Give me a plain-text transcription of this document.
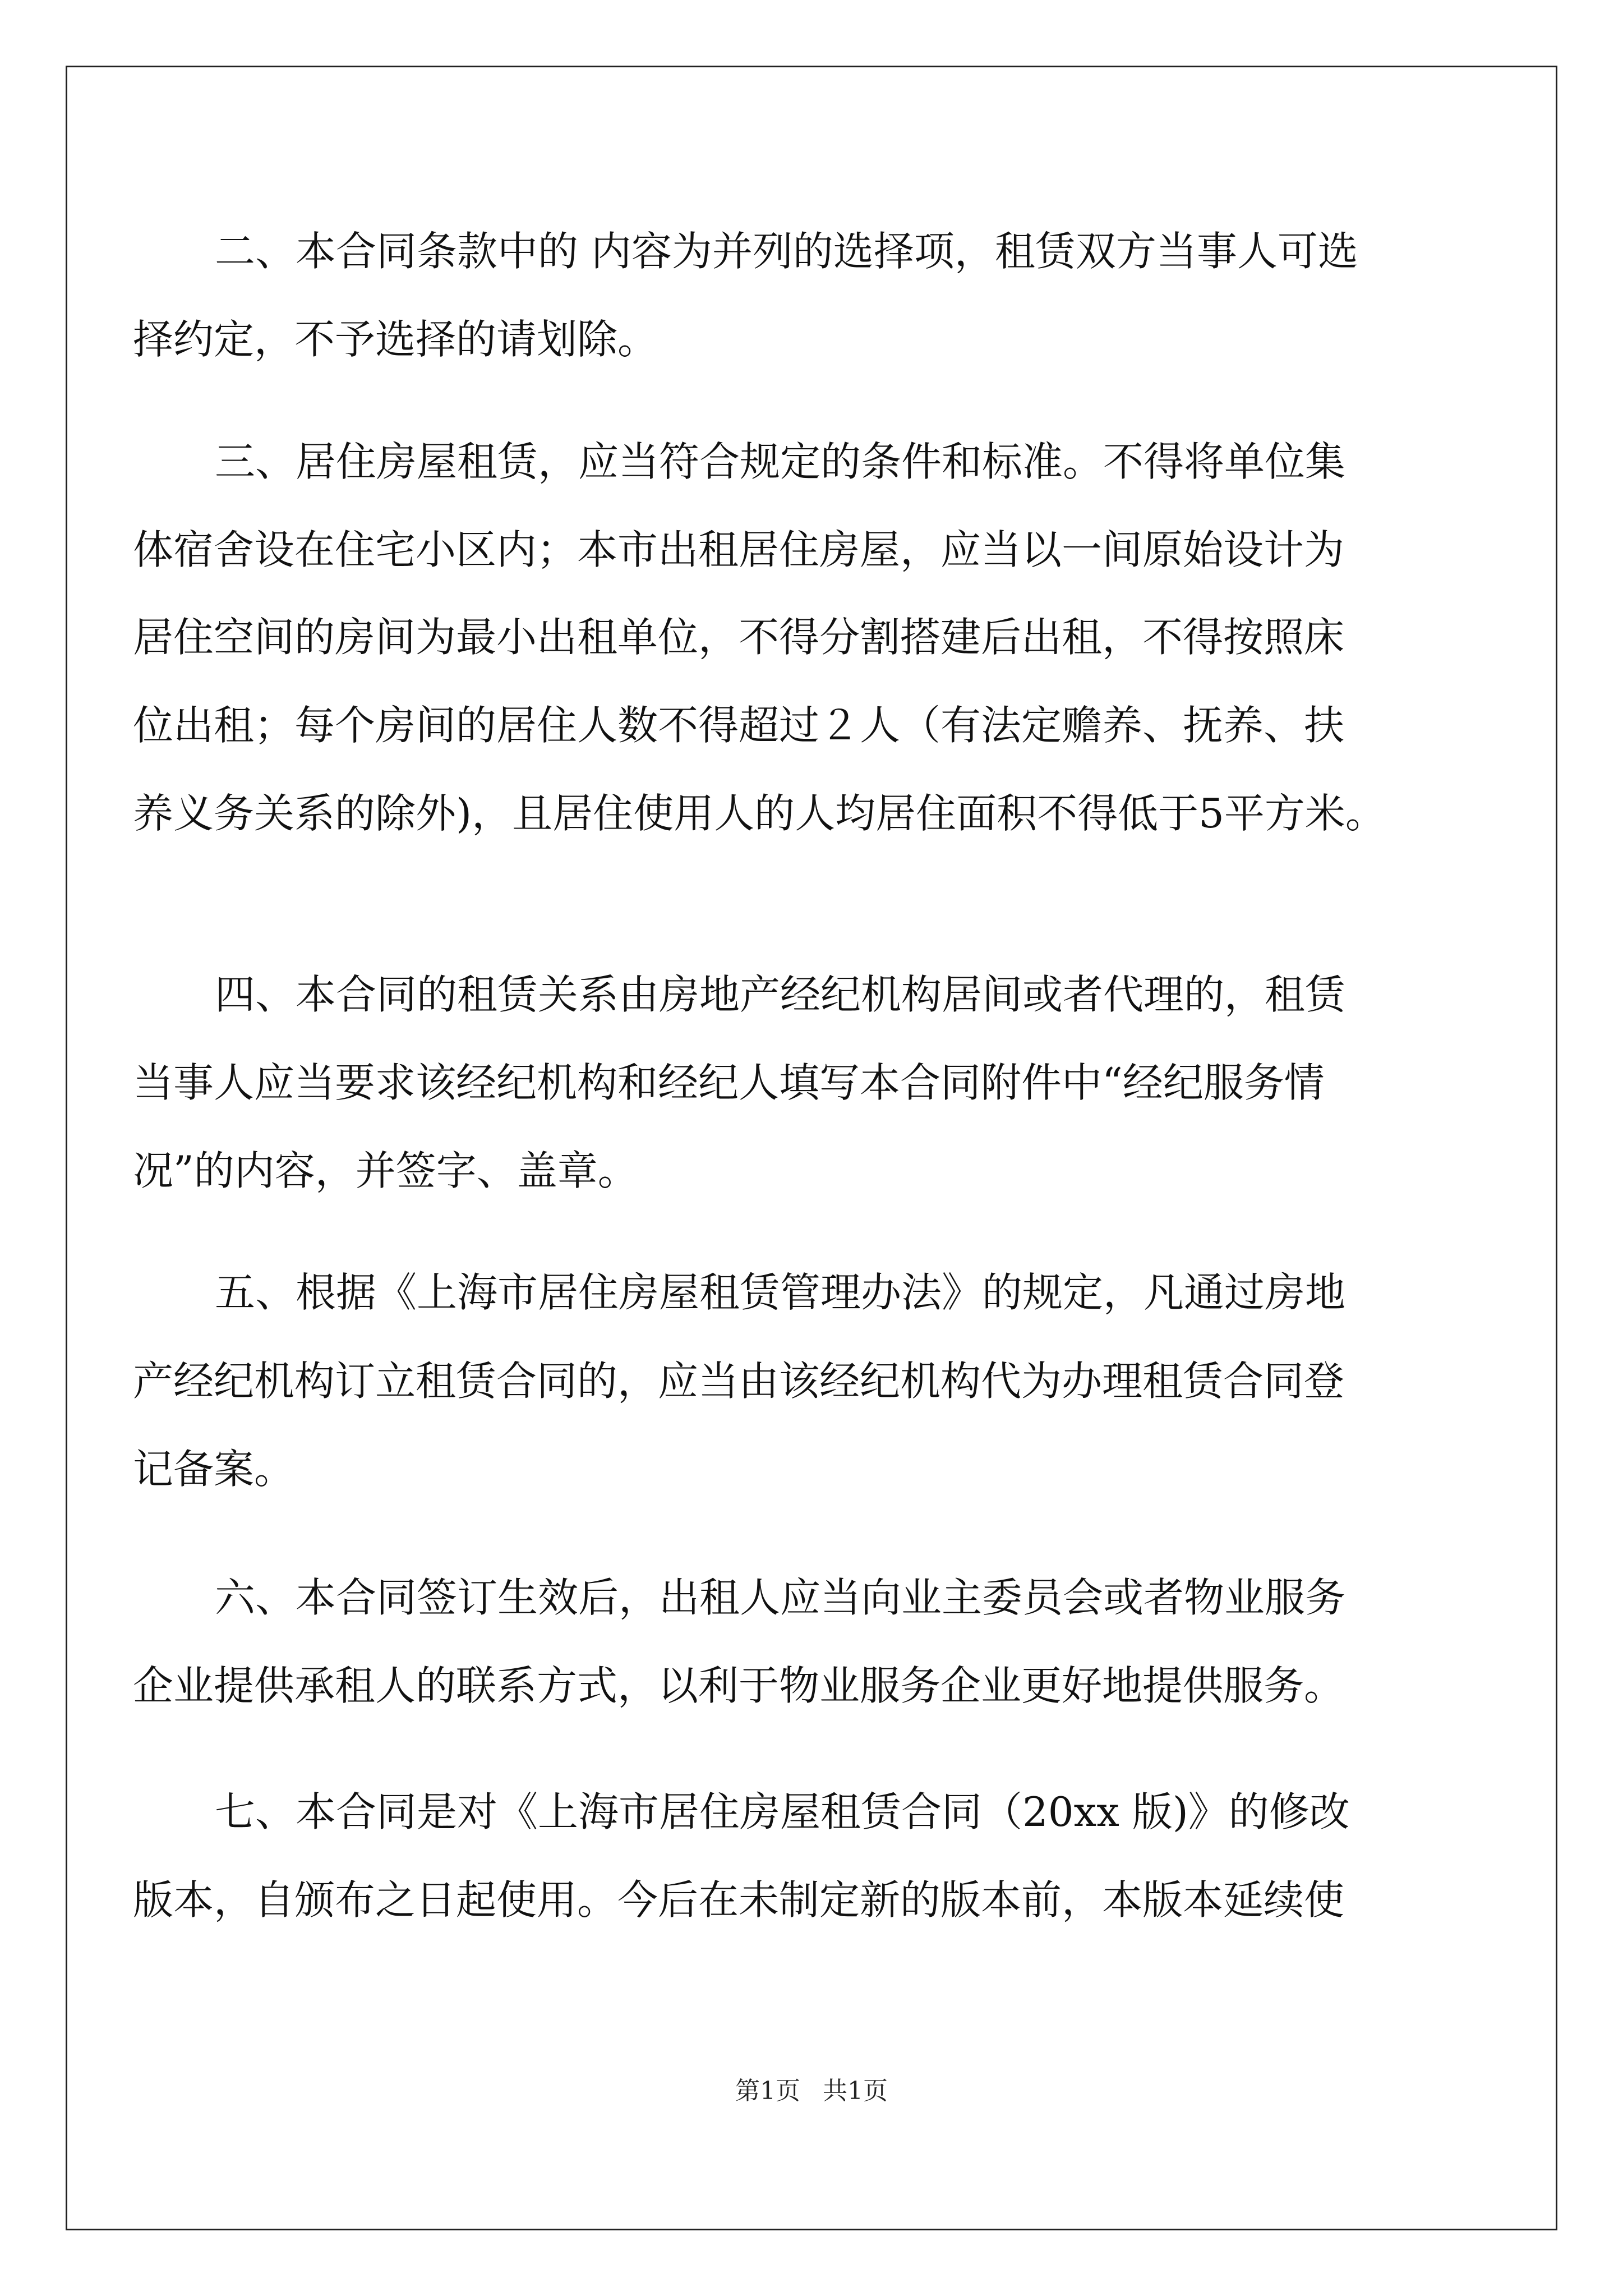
二、本合同条款中的 内容为并列的选择项，租赁双方当事人可选
择约定，不予选择的请划除。
三、居住房屋租赁，应当符合规定的条件和标准。不得将单位集
体宿舍设在住宅小区内；本市出租居住房屋，应当以一间原始设计为
居住空间的房间为最小出租单位，不得分割搭建后出租，不得按照床
位出租；每个房间的居住人数不得超过２人（有法定赡养、抚养、扶
养义务关系的除外)，且居住使用人的人均居住面积不得低于5平方米。
四、本合同的租赁关系由房地产经纪机构居间或者代理的，租赁
当事人应当要求该经纪机构和经纪人填写本合同附件中“经纪服务情
况”的内容，并签字、盖章。
五、根据《上海市居住房屋租赁管理办法》的规定，凡通过房地
产经纪机构订立租赁合同的，应当由该经纪机构代为办理租赁合同登
记备案。
六、本合同签订生效后，出租人应当向业主委员会或者物业服务
企业提供承租人的联系方式，以利于物业服务企业更好地提供服务。
七、本合同是对《上海市居住房屋租赁合同（20xx 版)》的修改
版本，自颁布之日起使用。今后在未制定新的版本前，本版本延续使
第1页 共1页
